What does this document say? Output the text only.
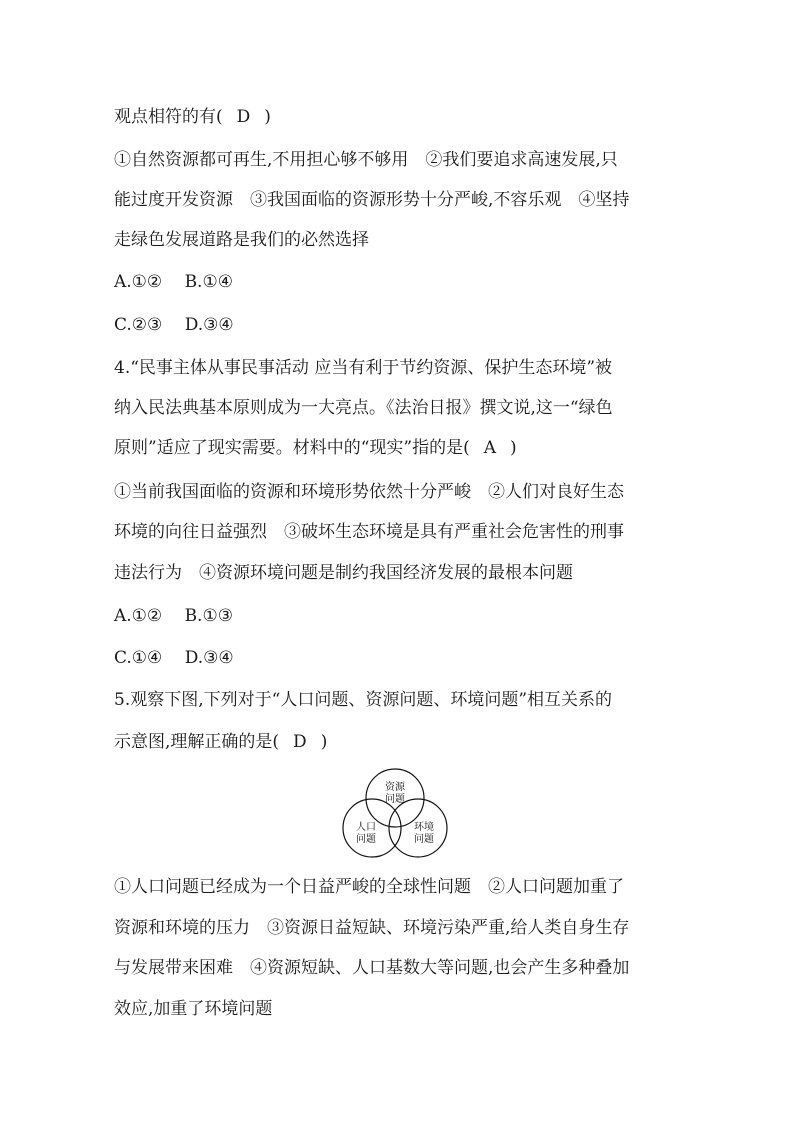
观点相符的有( D )
①自然资源都可再生,不用担心够不够用　②我们要追求高速发展,只
能过度开发资源　③我国面临的资源形势十分严峻,不容乐观　④坚持
走绿色发展道路是我们的必然选择
A.①②　 B.①④
C.②③　 D.③④
4.“民事主体从事民事活动 应当有利于节约资源、保护生态环境”被
纳入民法典基本原则成为一大亮点。《法治日报》撰文说,这一“绿色
原则”适应了现实需要。材料中的“现实”指的是( A )
①当前我国面临的资源和环境形势依然十分严峻　②人们对良好生态
环境的向往日益强烈　③破坏生态环境是具有严重社会危害性的刑事
违法行为　④资源环境问题是制约我国经济发展的最根本问题
A.①②　 B.①③
C.①④　 D.③④
5.观察下图,下列对于“人口问题、资源问题、环境问题”相互关系的
示意图,理解正确的是( D )
资源
问题
人口
问题
环境
问题
①人口问题已经成为一个日益严峻的全球性问题　②人口问题加重了
资源和环境的压力　③资源日益短缺、环境污染严重,给人类自身生存
与发展带来困难　④资源短缺、人口基数大等问题,也会产生多种叠加
效应,加重了环境问题
